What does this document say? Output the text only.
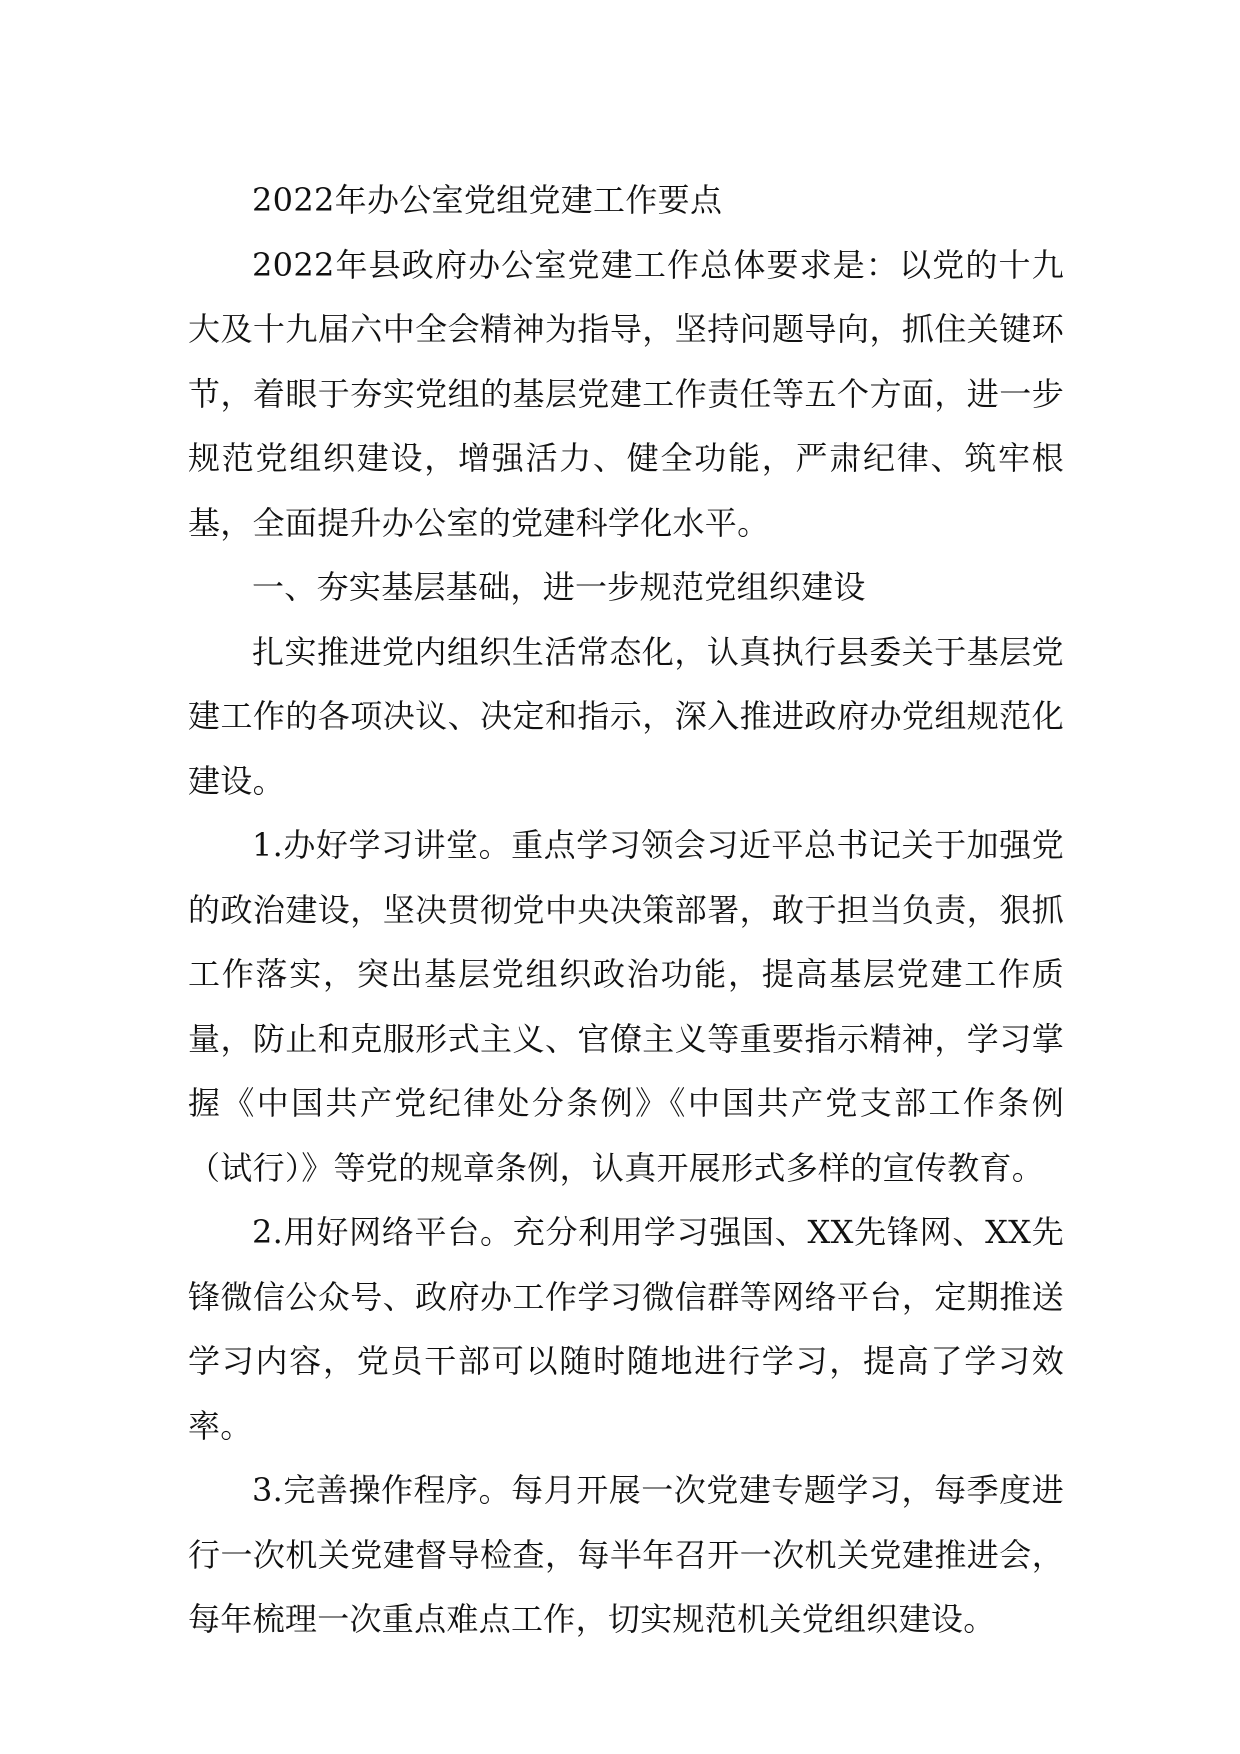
2022年办公室党组党建工作要点

2022年县政府办公室党建工作总体要求是：以党的十九大及十九届六中全会精神为指导，坚持问题导向，抓住关键环节，着眼于夯实党组的基层党建工作责任等五个方面，进一步规范党组织建设，增强活力、健全功能，严肃纪律、筑牢根基，全面提升办公室的党建科学化水平。

一、夯实基层基础，进一步规范党组织建设

扎实推进党内组织生活常态化，认真执行县委关于基层党建工作的各项决议、决定和指示，深入推进政府办党组规范化建设。

1.办好学习讲堂。重点学习领会习近平总书记关于加强党的政治建设，坚决贯彻党中央决策部署，敢于担当负责，狠抓工作落实，突出基层党组织政治功能，提高基层党建工作质量，防止和克服形式主义、官僚主义等重要指示精神，学习掌握《中国共产党纪律处分条例》《中国共产党支部工作条例（试行）》等党的规章条例，认真开展形式多样的宣传教育。

2.用好网络平台。充分利用学习强国、XX先锋网、XX先锋微信公众号、政府办工作学习微信群等网络平台，定期推送学习内容，党员干部可以随时随地进行学习，提高了学习效率。

3.完善操作程序。每月开展一次党建专题学习，每季度进行一次机关党建督导检查，每半年召开一次机关党建推进会，每年梳理一次重点难点工作，切实规范机关党组织建设。
